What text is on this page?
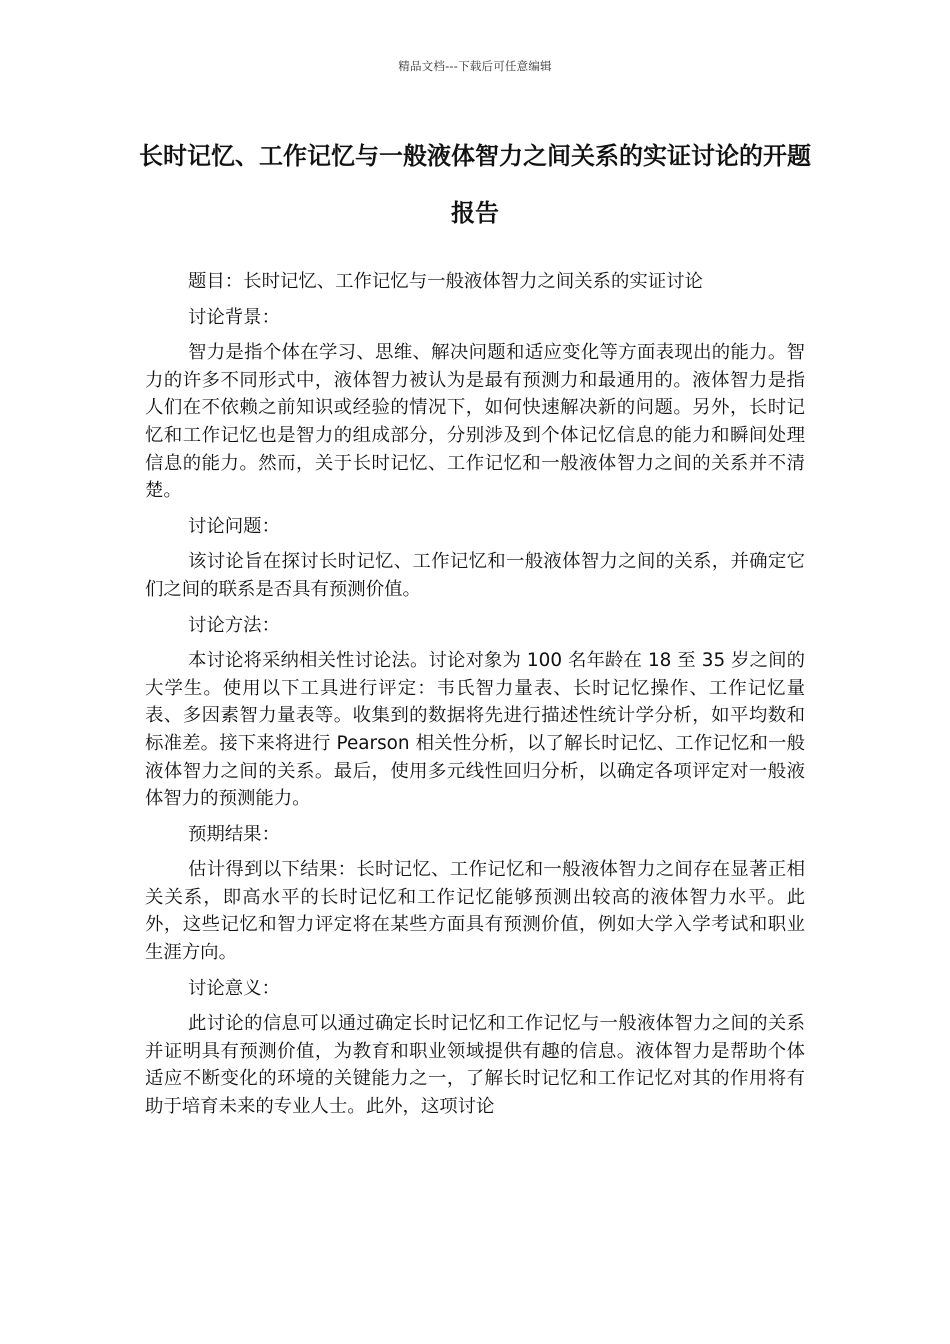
精品文档---下载后可任意编辑
长时记忆、工作记忆与一般液体智力之间关系的实证讨论的开题报告

题目：长时记忆、工作记忆与一般液体智力之间关系的实证讨论

讨论背景：

智力是指个体在学习、思维、解决问题和适应变化等方面表现出的能力。智力的许多不同形式中，液体智力被认为是最有预测力和最通用的。液体智力是指人们在不依赖之前知识或经验的情况下，如何快速解决新的问题。另外，长时记忆和工作记忆也是智力的组成部分，分别涉及到个体记忆信息的能力和瞬间处理信息的能力。然而，关于长时记忆、工作记忆和一般液体智力之间的关系并不清楚。

讨论问题：

该讨论旨在探讨长时记忆、工作记忆和一般液体智力之间的关系，并确定它们之间的联系是否具有预测价值。

讨论方法：

本讨论将采纳相关性讨论法。讨论对象为 100 名年龄在 18 至 35 岁之间的大学生。使用以下工具进行评定：韦氏智力量表、长时记忆操作、工作记忆量表、多因素智力量表等。收集到的数据将先进行描述性统计学分析，如平均数和标准差。接下来将进行 Pearson 相关性分析，以了解长时记忆、工作记忆和一般液体智力之间的关系。最后，使用多元线性回归分析，以确定各项评定对一般液体智力的预测能力。

预期结果：

估计得到以下结果：长时记忆、工作记忆和一般液体智力之间存在显著正相关关系，即高水平的长时记忆和工作记忆能够预测出较高的液体智力水平。此外，这些记忆和智力评定将在某些方面具有预测价值，例如大学入学考试和职业生涯方向。

讨论意义：

此讨论的信息可以通过确定长时记忆和工作记忆与一般液体智力之间的关系并证明具有预测价值，为教育和职业领域提供有趣的信息。液体智力是帮助个体适应不断变化的环境的关键能力之一，了解长时记忆和工作记忆对其的作用将有助于培育未来的专业人士。此外，这项讨论
